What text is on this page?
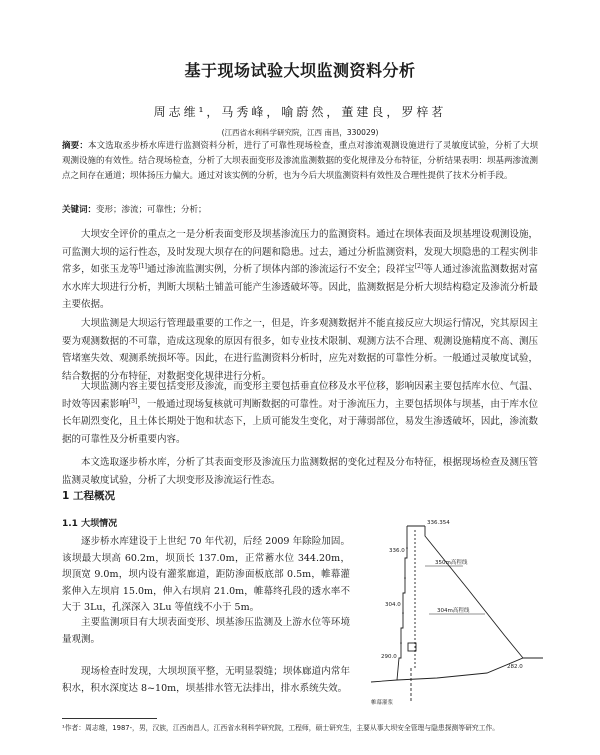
基于现场试验大坝监测资料分析
周志维¹，马秀峰，喻蔚然，董建良，罗梓茗
(江西省水利科学研究院，江西 南昌，330029)
摘要：本文选取丞步桥水库进行监测资料分析，进行了可靠性现场检查，重点对渗流观测设施进行了灵敏度试验，分析了大坝观测设施的有效性。结合现场检查，分析了大坝表面变形及渗流监测数据的变化规律及分布特征，分析结果表明：坝基两渗流测点之间存在通道；坝体扬压力偏大。通过对该实例的分析，也为今后大坝监测资料有效性及合理性提供了技术分析手段。
关键词：变形；渗流；可靠性；分析；
大坝安全评价的重点之一是分析表面变形及坝基渗流压力的监测资料。通过在坝体表面及坝基埋设观测设施，可监测大坝的运行性态，及时发现大坝存在的问题和隐患。过去，通过分析监测资料，发现大坝隐患的工程实例非常多，如张玉龙等[1]通过渗流监测实例，分析了坝体内部的渗流运行不安全；段祥宝[2]等人通过渗流监测数据对富水水库大坝进行分析，判断大坝粘土铺盖可能产生渗透破坏等。因此，监测数据是分析大坝结构稳定及渗流分析最主要依据。
大坝监测是大坝运行管理最重要的工作之一，但是，许多观测数据并不能直接反应大坝运行情况，究其原因主要为观测数据的不可靠，造成这现象的原因有很多，如专业技术限制、观测方法不合理、观测设施精度不高、测压管堵塞失效、观测系统损坏等。因此，在进行监测资料分析时，应先对数据的可靠性分析。一般通过灵敏度试验，结合数据的分布特征，对数据变化规律进行分析。
大坝监测内容主要包括变形及渗流，而变形主要包括垂直位移及水平位移，影响因素主要包括库水位、气温、时效等因素影响[3]，一般通过现场复核就可判断数据的可靠性。对于渗流压力，主要包括坝体与坝基，由于库水位长年剧烈变化，且土体长期处于饱和状态下，上质可能发生变化，对于薄弱部位，易发生渗透破坏，因此，渗流数据的可靠性及分析重要内容。
本文选取逐步桥水库，分析了其表面变形及渗流压力监测数据的变化过程及分布特征，根据现场检查及测压管监测灵敏度试验，分析了大坝变形及渗流运行性态。
1 工程概况
1.1 大坝情况
逐步桥水库建设于上世纪 70 年代初，后经 2009 年除险加固。该坝最大坝高 60.2m，坝顶长 137.0m，正常蓄水位 344.20m，坝顶宽 9.0m，坝内设有灌浆廊道，距防渗面板底部 0.5m，帷幕灌浆伸入左坝肩 15.0m，伸入右坝肩 21.0m，帷幕终孔段的透水率不大于 3Lu，孔深深入 3Lu 等值线不小于 5m。
主要监测项目有大坝表面变形、坝基渗压监测及上游水位等环境量观测。
现场检查时发现，大坝坝顶平整，无明显裂缝；坝体廊道内常年积水，积水深度达 8~10m，坝基排水管无法排出，排水系统失效。
336.354
336.0
304.0
350m高程线
304m高程线
290.0
282.0
帷幕灌浆
¹作者：周志维，1987-，男，汉族，江西南昌人，江西省水利科学研究院，工程师，硕士研究生，主要从事大坝安全管理与隐患探测等研究工作。
